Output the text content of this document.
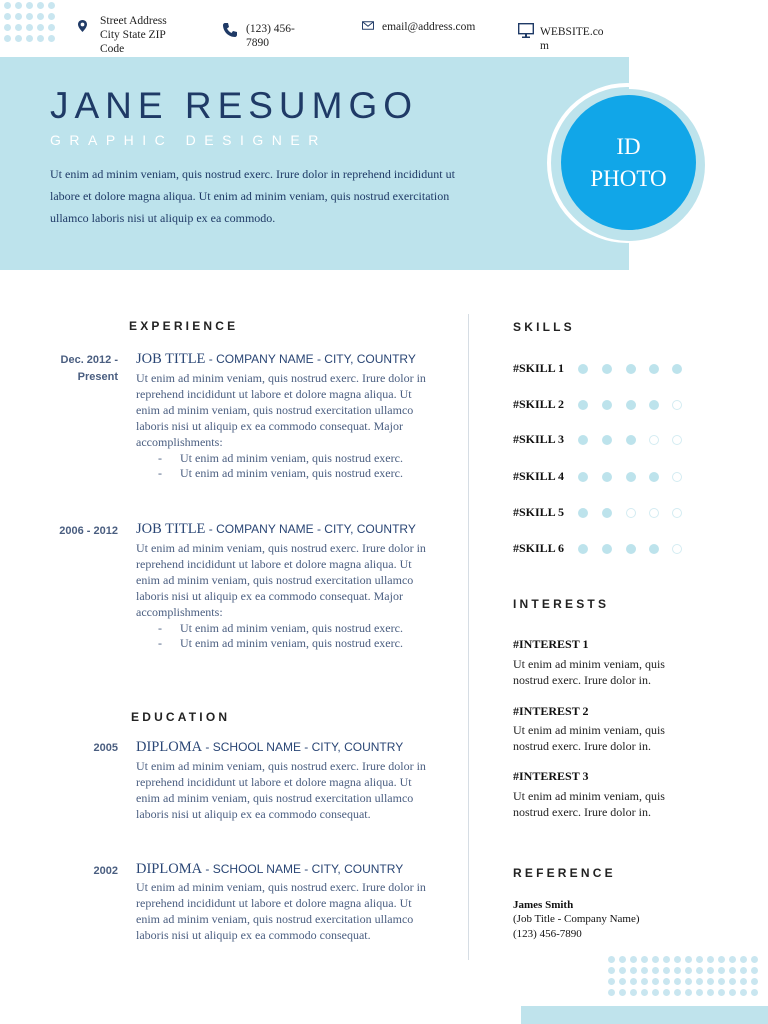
Street Address City State ZIP Code
(123) 456-7890
email@address.com	WEBSITE.com
JANE RESUMGO
GRAPHIC DESIGNER
Ut enim ad minim veniam, quis nostrud exerc. Irure dolor in reprehend incididunt ut labore et dolore magna aliqua. Ut enim ad minim veniam, quis nostrud exercitation ullamco laboris nisi ut aliquip ex ea commodo.
ID PHOTO
EXPERIENCE
Dec. 2012 - Present
JOB TITLE - COMPANY NAME - CITY, COUNTRY
Ut enim ad minim veniam, quis nostrud exerc. Irure dolor in reprehend incididunt ut labore et dolore magna aliqua. Ut enim ad minim veniam, quis nostrud exercitation ullamco laboris nisi ut aliquip ex ea commodo consequat. Major accomplishments:
- Ut enim ad minim veniam, quis nostrud exerc.
- Ut enim ad minim veniam, quis nostrud exerc.
2006 - 2012 JOB TITLE - COMPANY NAME - CITY, COUNTRY
Ut enim ad minim veniam, quis nostrud exerc. Irure dolor in reprehend incididunt ut labore et dolore magna aliqua. Ut enim ad minim veniam, quis nostrud exercitation ullamco laboris nisi ut aliquip ex ea commodo consequat. Major accomplishments:
- Ut enim ad minim veniam, quis nostrud exerc.
- Ut enim ad minim veniam, quis nostrud exerc.
EDUCATION
2005 DIPLOMA - SCHOOL NAME - CITY, COUNTRY
Ut enim ad minim veniam, quis nostrud exerc. Irure dolor in reprehend incididunt ut labore et dolore magna aliqua. Ut enim ad minim veniam, quis nostrud exercitation ullamco laboris nisi ut aliquip ex ea commodo consequat.
2002 DIPLOMA - SCHOOL NAME - CITY, COUNTRY
Ut enim ad minim veniam, quis nostrud exerc. Irure dolor in reprehend incididunt ut labore et dolore magna aliqua. Ut enim ad minim veniam, quis nostrud exercitation ullamco laboris nisi ut aliquip ex ea commodo consequat.
SKILLS
#SKILL 1
#SKILL 2
#SKILL 3
#SKILL 4
#SKILL 5
#SKILL 6
INTERESTS
#INTEREST 1
Ut enim ad minim veniam, quis nostrud exerc. Irure dolor in.
#INTEREST 2
Ut enim ad minim veniam, quis nostrud exerc. Irure dolor in.
#INTEREST 3
Ut enim ad minim veniam, quis nostrud exerc. Irure dolor in.
REFERENCE
James Smith
(Job Title - Company Name)
(123) 456-7890
